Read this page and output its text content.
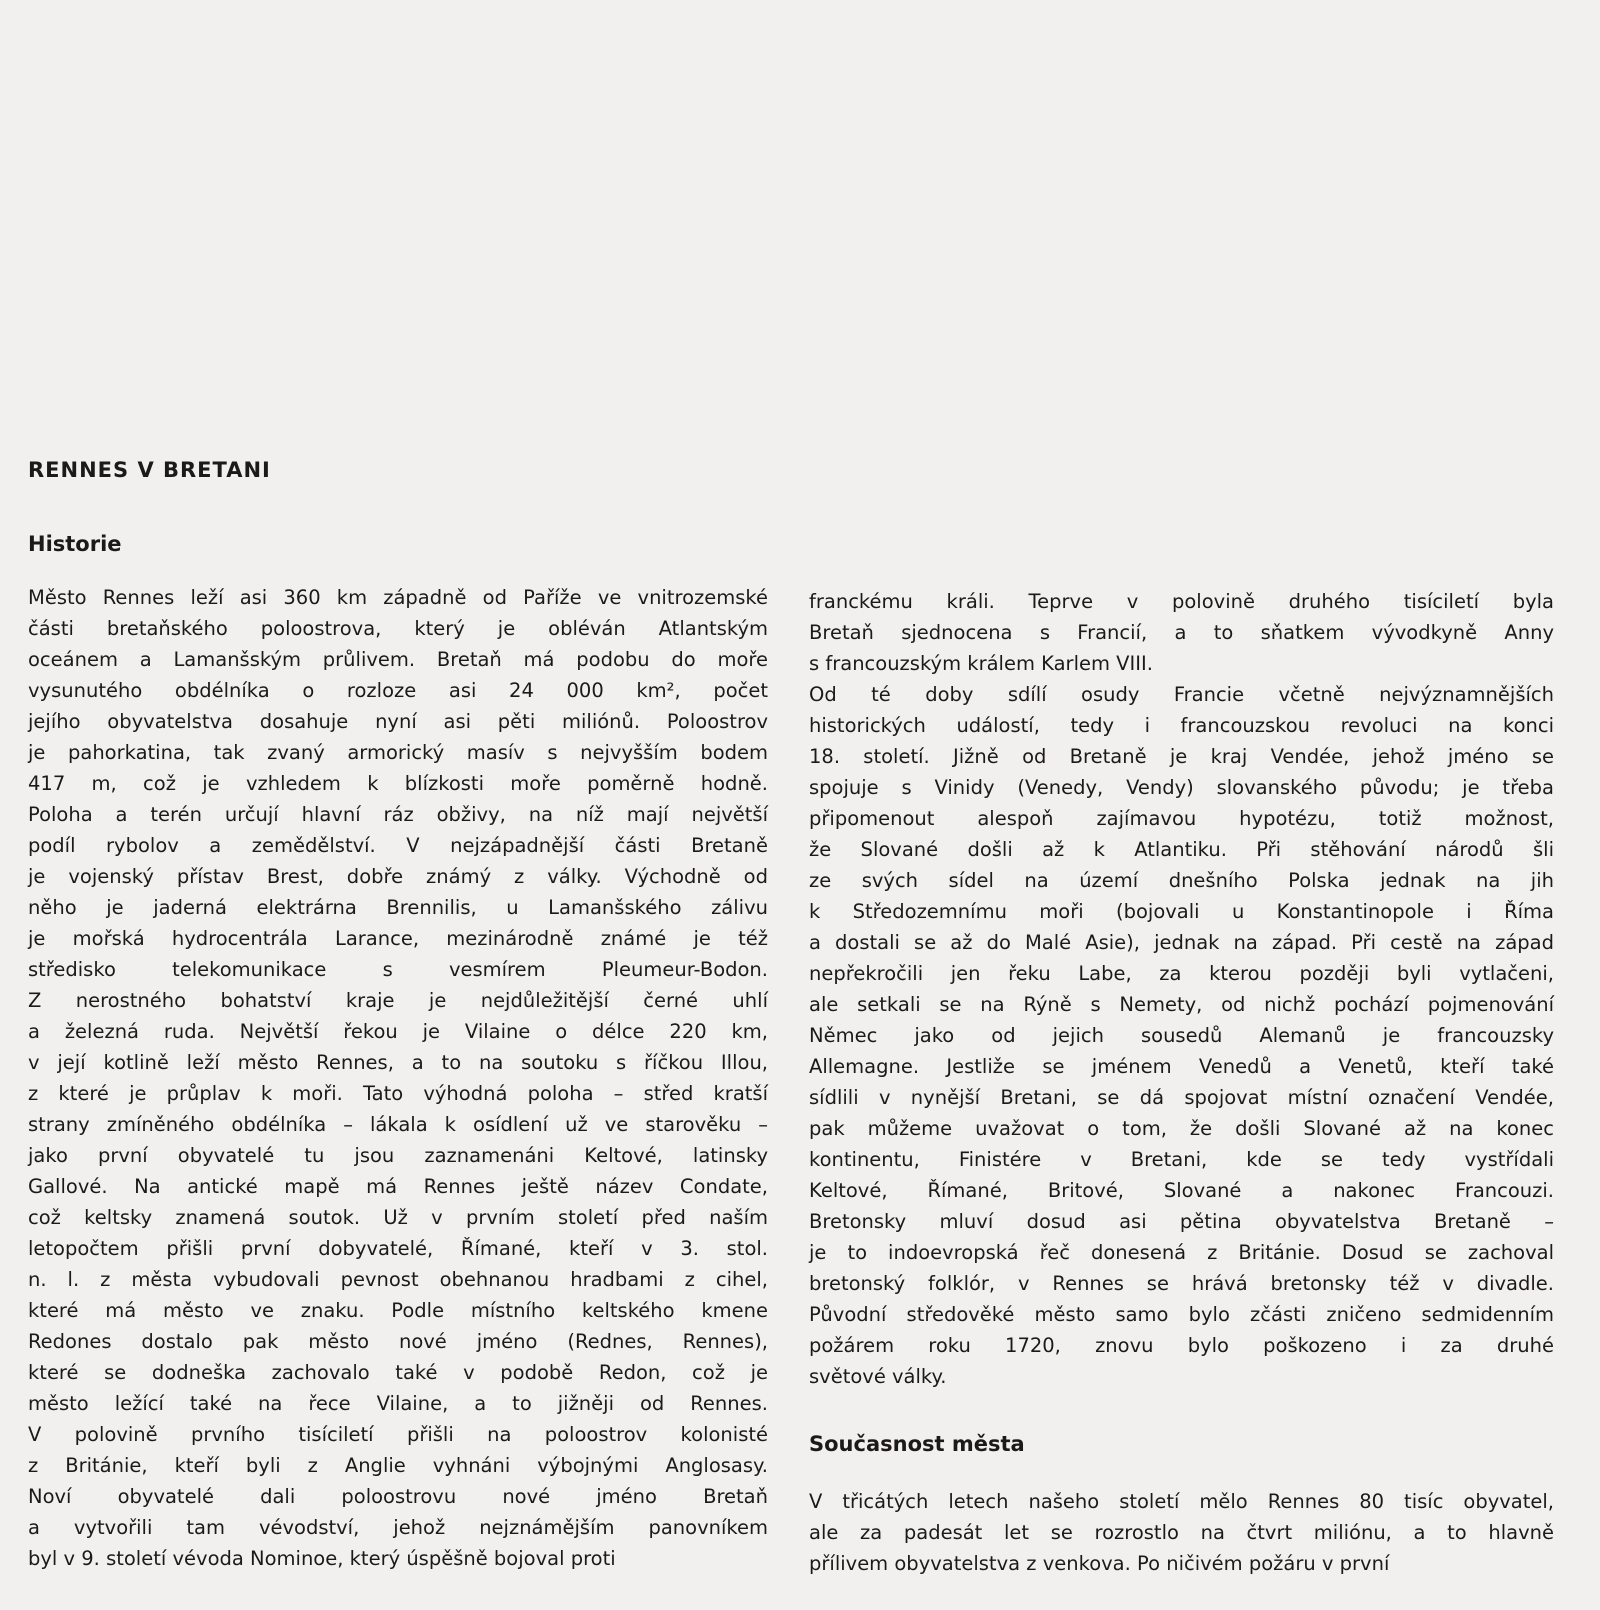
RENNES V BRETANI
Historie
Město Rennes leží asi 360 km západně od Paříže ve vnitrozemské
části bretaňského poloostrova, který je obléván Atlantským
oceánem a Lamanšským průlivem. Bretaň má podobu do moře
vysunutého obdélníka o rozloze asi 24 000 km², počet
jejího obyvatelstva dosahuje nyní asi pěti miliónů. Poloostrov
je pahorkatina, tak zvaný armorický masív s nejvyšším bodem
417 m, což je vzhledem k blízkosti moře poměrně hodně.
Poloha a terén určují hlavní ráz obživy, na níž mají největší
podíl rybolov a zemědělství. V nejzápadnější části Bretaně
je vojenský přístav Brest, dobře známý z války. Východně od
něho je jaderná elektrárna Brennilis, u Lamanšského zálivu
je mořská hydrocentrála Larance, mezinárodně známé je též
středisko telekomunikace s vesmírem Pleumeur-Bodon.
Z nerostného bohatství kraje je nejdůležitější černé uhlí
a železná ruda. Největší řekou je Vilaine o délce 220 km,
v její kotlině leží město Rennes, a to na soutoku s říčkou Illou,
z které je průplav k moři. Tato výhodná poloha – střed kratší
strany zmíněného obdélníka – lákala k osídlení už ve starověku –
jako první obyvatelé tu jsou zaznamenáni Keltové, latinsky
Gallové. Na antické mapě má Rennes ještě název Condate,
což keltsky znamená soutok. Už v prvním století před naším
letopočtem přišli první dobyvatelé, Římané, kteří v 3. stol.
n. l. z města vybudovali pevnost obehnanou hradbami z cihel,
které má město ve znaku. Podle místního keltského kmene
Redones dostalo pak město nové jméno (Rednes, Rennes),
které se dodneška zachovalo také v podobě Redon, což je
město ležící také na řece Vilaine, a to jižněji od Rennes.
V polovině prvního tisíciletí přišli na poloostrov kolonisté
z Británie, kteří byli z Anglie vyhnáni výbojnými Anglosasy.
Noví obyvatelé dali poloostrovu nové jméno Bretaň
a vytvořili tam vévodství, jehož nejznámějším panovníkem
byl v 9. století vévoda Nominoe, který úspěšně bojoval proti
franckému králi. Teprve v polovině druhého tisíciletí byla
Bretaň sjednocena s Francií, a to sňatkem vývodkyně Anny
s francouzským králem Karlem VIII.
Od té doby sdílí osudy Francie včetně nejvýznamnějších
historických událostí, tedy i francouzskou revoluci na konci
18. století. Jižně od Bretaně je kraj Vendée, jehož jméno se
spojuje s Vinidy (Venedy, Vendy) slovanského původu; je třeba
připomenout alespoň zajímavou hypotézu, totiž možnost,
že Slované došli až k Atlantiku. Při stěhování národů šli
ze svých sídel na území dnešního Polska jednak na jih
k Středozemnímu moři (bojovali u Konstantinopole i Říma
a dostali se až do Malé Asie), jednak na západ. Při cestě na západ
nepřekročili jen řeku Labe, za kterou později byli vytlačeni,
ale setkali se na Rýně s Nemety, od nichž pochází pojmenování
Němec jako od jejich sousedů Alemanů je francouzsky
Allemagne. Jestliže se jménem Venedů a Venetů, kteří také
sídlili v nynější Bretani, se dá spojovat místní označení Vendée,
pak můžeme uvažovat o tom, že došli Slované až na konec
kontinentu, Finistére v Bretani, kde se tedy vystřídali
Keltové, Římané, Britové, Slované a nakonec Francouzi.
Bretonsky mluví dosud asi pětina obyvatelstva Bretaně –
je to indoevropská řeč donesená z Británie. Dosud se zachoval
bretonský folklór, v Rennes se hrává bretonsky též v divadle.
Původní středověké město samo bylo zčásti zničeno sedmidenním
požárem roku 1720, znovu bylo poškozeno i za druhé
světové války.
Současnost města
V třicátých letech našeho století mělo Rennes 80 tisíc obyvatel,
ale za padesát let se rozrostlo na čtvrt miliónu, a to hlavně
přílivem obyvatelstva z venkova. Po ničivém požáru v první
